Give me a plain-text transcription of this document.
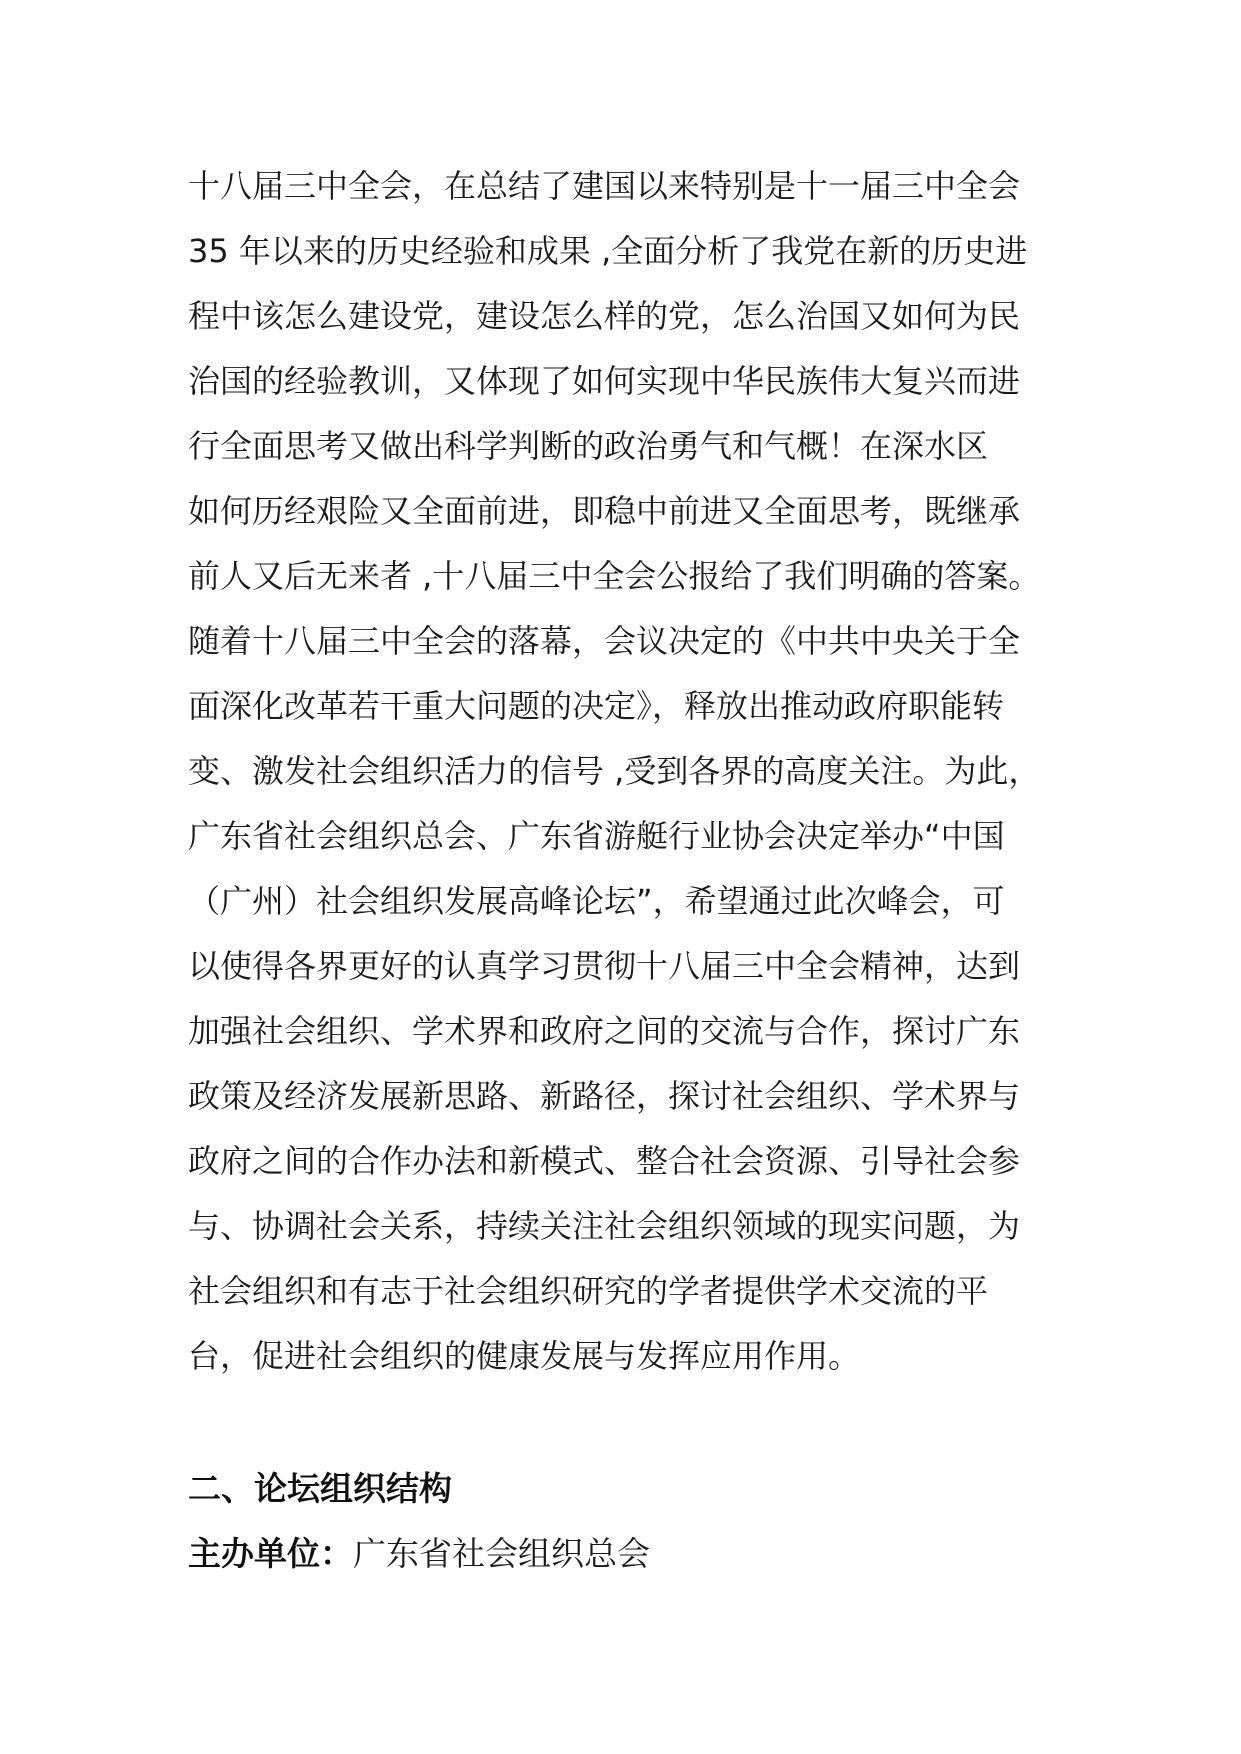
十八届三中全会，在总结了建国以来特别是十一届三中全会
35 年以来的历史经验和成果 ,全面分析了我党在新的历史进
程中该怎么建设党，建设怎么样的党，怎么治国又如何为民
治国的经验教训，又体现了如何实现中华民族伟大复兴而进
行全面思考又做出科学判断的政治勇气和气概！在深水区
如何历经艰险又全面前进，即稳中前进又全面思考，既继承
前人又后无来者 ,十八届三中全会公报给了我们明确的答案。
随着十八届三中全会的落幕，会议决定的《中共中央关于全
面深化改革若干重大问题的决定》，释放出推动政府职能转
变、激发社会组织活力的信号 ,受到各界的高度关注。为此，
广东省社会组织总会、广东省游艇行业协会决定举办“中国
（广州）社会组织发展高峰论坛”，希望通过此次峰会，可
以使得各界更好的认真学习贯彻十八届三中全会精神，达到
加强社会组织、学术界和政府之间的交流与合作，探讨广东
政策及经济发展新思路、新路径，探讨社会组织、学术界与
政府之间的合作办法和新模式、整合社会资源、引导社会参
与、协调社会关系，持续关注社会组织领域的现实问题，为
社会组织和有志于社会组织研究的学者提供学术交流的平
台，促进社会组织的健康发展与发挥应用作用。
二、论坛组织结构
主办单位：广东省社会组织总会
